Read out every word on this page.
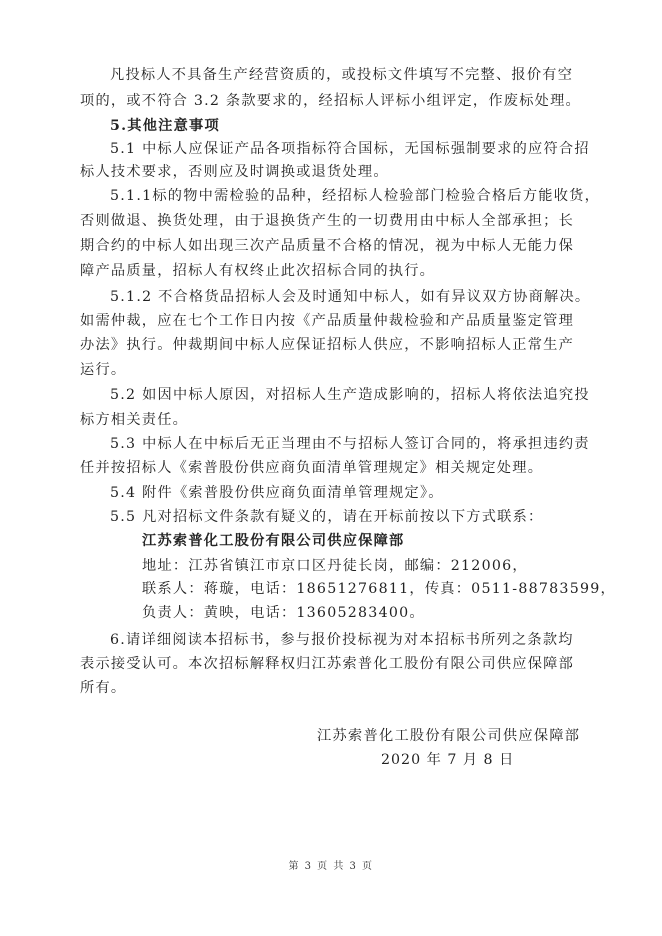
凡投标人不具备生产经营资质的，或投标文件填写不完整、报价有空
项的，或不符合 3.2 条款要求的，经招标人评标小组评定，作废标处理。
5.其他注意事项
5.1 中标人应保证产品各项指标符合国标，无国标强制要求的应符合招
标人技术要求，否则应及时调换或退货处理。
5.1.1标的物中需检验的品种，经招标人检验部门检验合格后方能收货，
否则做退、换货处理，由于退换货产生的一切费用由中标人全部承担；长
期合约的中标人如出现三次产品质量不合格的情况，视为中标人无能力保
障产品质量，招标人有权终止此次招标合同的执行。
5.1.2 不合格货品招标人会及时通知中标人，如有异议双方协商解决。
如需仲裁，应在七个工作日内按《产品质量仲裁检验和产品质量鉴定管理
办法》执行。仲裁期间中标人应保证招标人供应，不影响招标人正常生产
运行。
5.2 如因中标人原因，对招标人生产造成影响的，招标人将依法追究投
标方相关责任。
5.3 中标人在中标后无正当理由不与招标人签订合同的，将承担违约责
任并按招标人《索普股份供应商负面清单管理规定》相关规定处理。
5.4 附件《索普股份供应商负面清单管理规定》。
5.5 凡对招标文件条款有疑义的，请在开标前按以下方式联系：
江苏索普化工股份有限公司供应保障部
地址：江苏省镇江市京口区丹徒长岗，邮编：212006，
联系人：蒋璇，电话：18651276811，传真：0511-88783599，
负责人：黄映，电话：13605283400。
6.请详细阅读本招标书，参与报价投标视为对本招标书所列之条款均
表示接受认可。本次招标解释权归江苏索普化工股份有限公司供应保障部
所有。
江苏索普化工股份有限公司供应保障部
2020 年 7 月 8 日
第 3 页 共 3 页
